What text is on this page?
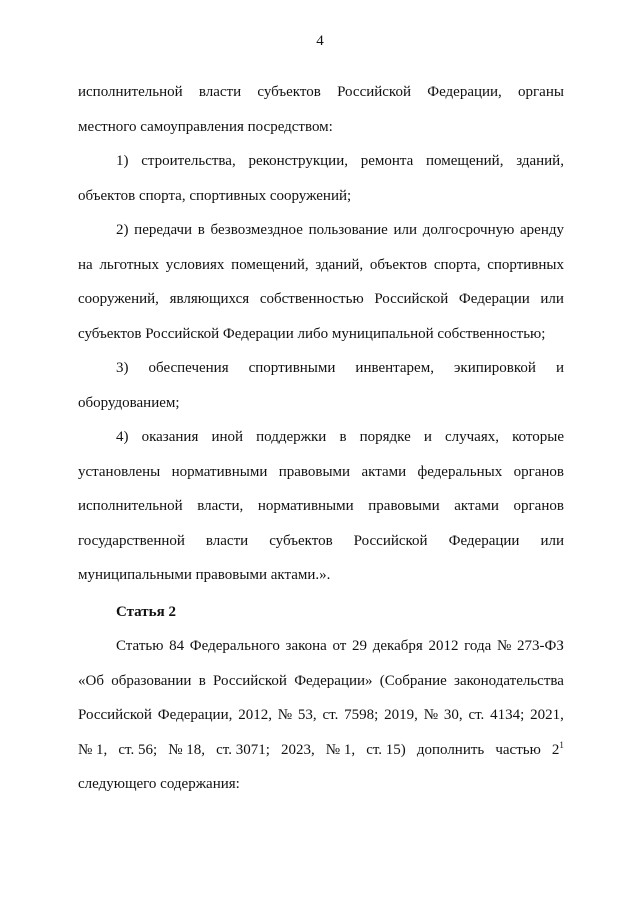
4
исполнительной власти субъектов Российской Федерации, органы
местного самоуправления посредством:
1) строительства, реконструкции, ремонта помещений, зданий,
объектов спорта, спортивных сооружений;
2) передачи в безвозмездное пользование или долгосрочную аренду
на льготных условиях помещений, зданий, объектов спорта, спортивных
сооружений, являющихся собственностью Российской Федерации или
субъектов Российской Федерации либо муниципальной собственностью;
3) обеспечения спортивными инвентарем, экипировкой и
оборудованием;
4) оказания иной поддержки в порядке и случаях, которые
установлены нормативными правовыми актами федеральных органов
исполнительной власти, нормативными правовыми актами органов
государственной власти субъектов Российской Федерации или
муниципальными правовыми актами.».
Статья 2
Статью 84 Федерального закона от 29 декабря 2012 года № 273-ФЗ
«Об образовании в Российской Федерации» (Собрание законодательства
Российской Федерации, 2012, № 53, ст. 7598; 2019, № 30, ст. 4134; 2021,
№ 1, ст. 56; № 18, ст. 3071; 2023, № 1, ст. 15) дополнить частью $2^1$
следующего содержания:
